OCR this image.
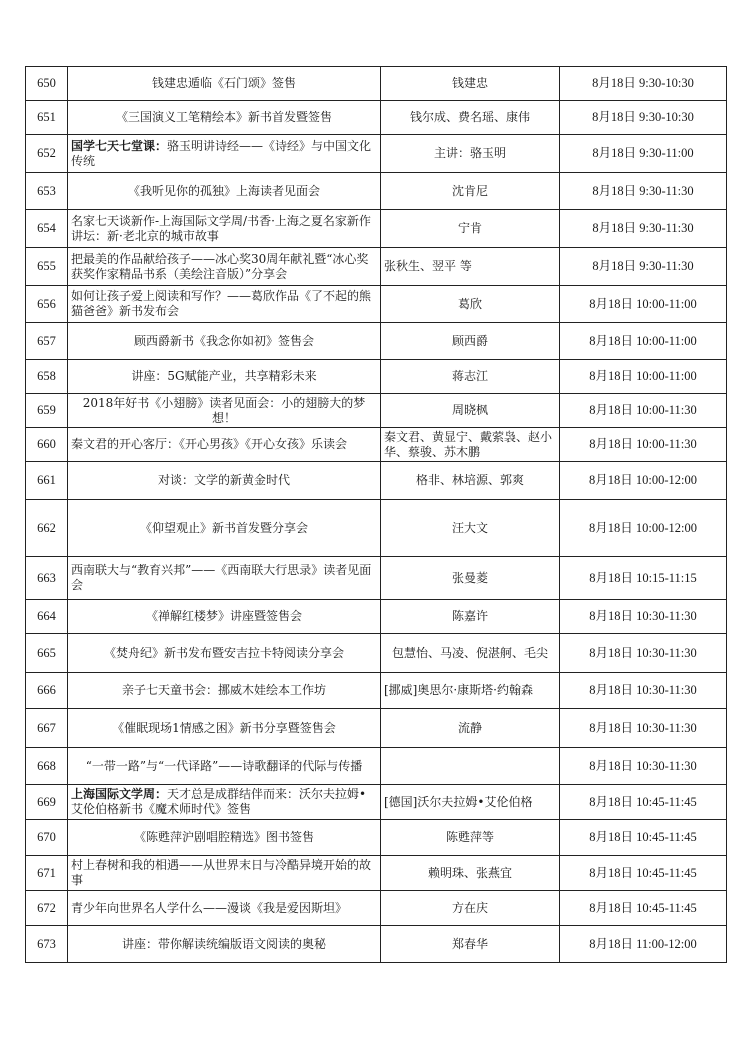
650	钱建忠遁临《石门颂》签售	钱建忠	8月18日 9:30-10:30
651	《三国演义工笔精绘本》新书首发暨签售	钱尔成、费名瑶、康伟	8月18日 9:30-10:30
652	国学七天七堂课：骆玉明讲诗经——《诗经》与中国文化传统	主讲：骆玉明	8月18日 9:30-11:00
653	《我听见你的孤独》上海读者见面会	沈肯尼	8月18日 9:30-11:30
654	名家七天谈新作-上海国际文学周/书香·上海之夏名家新作讲坛：新·老北京的城市故事	宁肯	8月18日 9:30-11:30
655	把最美的作品献给孩子——冰心奖30周年献礼暨“冰心奖获奖作家精品书系（美绘注音版）”分享会	张秋生、翌平 等	8月18日 9:30-11:30
656	如何让孩子爱上阅读和写作？——葛欣作品《了不起的熊猫爸爸》新书发布会	葛欣	8月18日 10:00-11:00
657	顾西爵新书《我念你如初》签售会	顾西爵	8月18日 10:00-11:00
658	讲座：5G赋能产业，共享精彩未来	蒋志江	8月18日 10:00-11:00
659	2018年好书《小翅膀》读者见面会：小的翅膀大的梦想！	周晓枫	8月18日 10:00-11:30
660	秦文君的开心客厅：《开心男孩》《开心女孩》乐读会	秦文君、黄显宁、戴萦袅、赵小华、蔡骏、苏木鹏	8月18日 10:00-11:30
661	对谈：文学的新黄金时代	格非、林培源、郭爽	8月18日 10:00-12:00
662	《仰望观止》新书首发暨分享会	汪大文	8月18日 10:00-12:00
663	西南联大与“教育兴邦”——《西南联大行思录》读者见面会	张曼菱	8月18日 10:15-11:15
664	《禅解红楼梦》讲座暨签售会	陈嘉许	8月18日 10:30-11:30
665	《焚舟纪》新书发布暨安吉拉卡特阅读分享会	包慧怡、马凌、倪湛舸、毛尖	8月18日 10:30-11:30
666	亲子七天童书会：挪威木娃绘本工作坊	[挪威]奥思尔·康斯塔·约翰森	8月18日 10:30-11:30
667	《催眠现场1情感之困》新书分享暨签售会	流静	8月18日 10:30-11:30
668	“一带一路”与“一代译路”——诗歌翻译的代际与传播		8月18日 10:30-11:30
669	上海国际文学周：天才总是成群结伴而来：沃尔夫拉姆•艾伦伯格新书《魔术师时代》签售	[德国]沃尔夫拉姆•艾伦伯格	8月18日 10:45-11:45
670	《陈甦萍沪剧唱腔精选》图书签售	陈甦萍等	8月18日 10:45-11:45
671	村上春树和我的相遇——从世界末日与冷酷异境开始的故事	赖明珠、张燕宜	8月18日 10:45-11:45
672	青少年向世界名人学什么——漫谈《我是爱因斯坦》	方在庆	8月18日 10:45-11:45
673	讲座：带你解读统编版语文阅读的奥秘	郑春华	8月18日 11:00-12:00
